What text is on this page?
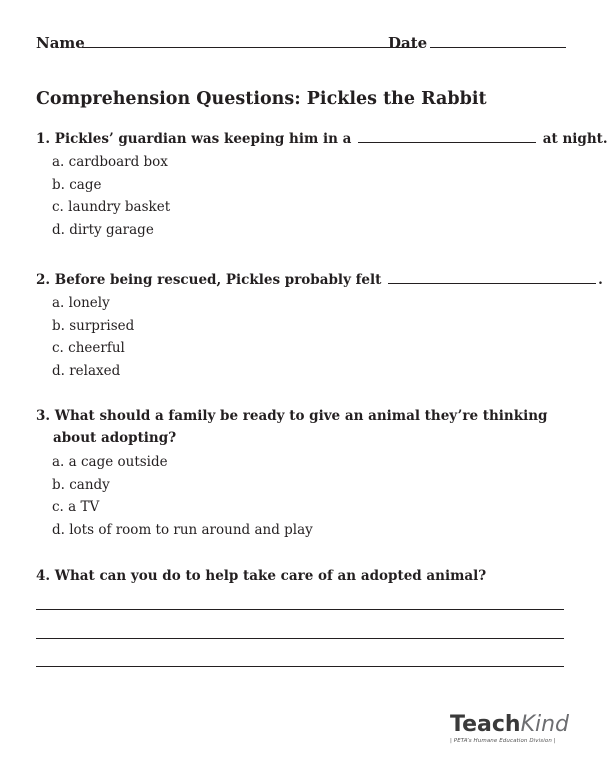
Name	Date
Comprehension Questions: Pickles the Rabbit
1. Pickles’ guardian was keeping him in a	at night.
a. cardboard box
b. cage
c. laundry basket
d. dirty garage
2. Before being rescued, Pickles probably felt	.
a. lonely
b. surprised
c. cheerful
d. relaxed
3. What should a family be ready to give an animal they’re thinking
about adopting?
a. a cage outside
b. candy
c. a TV
d. lots of room to run around and play
4. What can you do to help take care of an adopted animal?
TeachKind
| PETA’s Humane Education Division |
